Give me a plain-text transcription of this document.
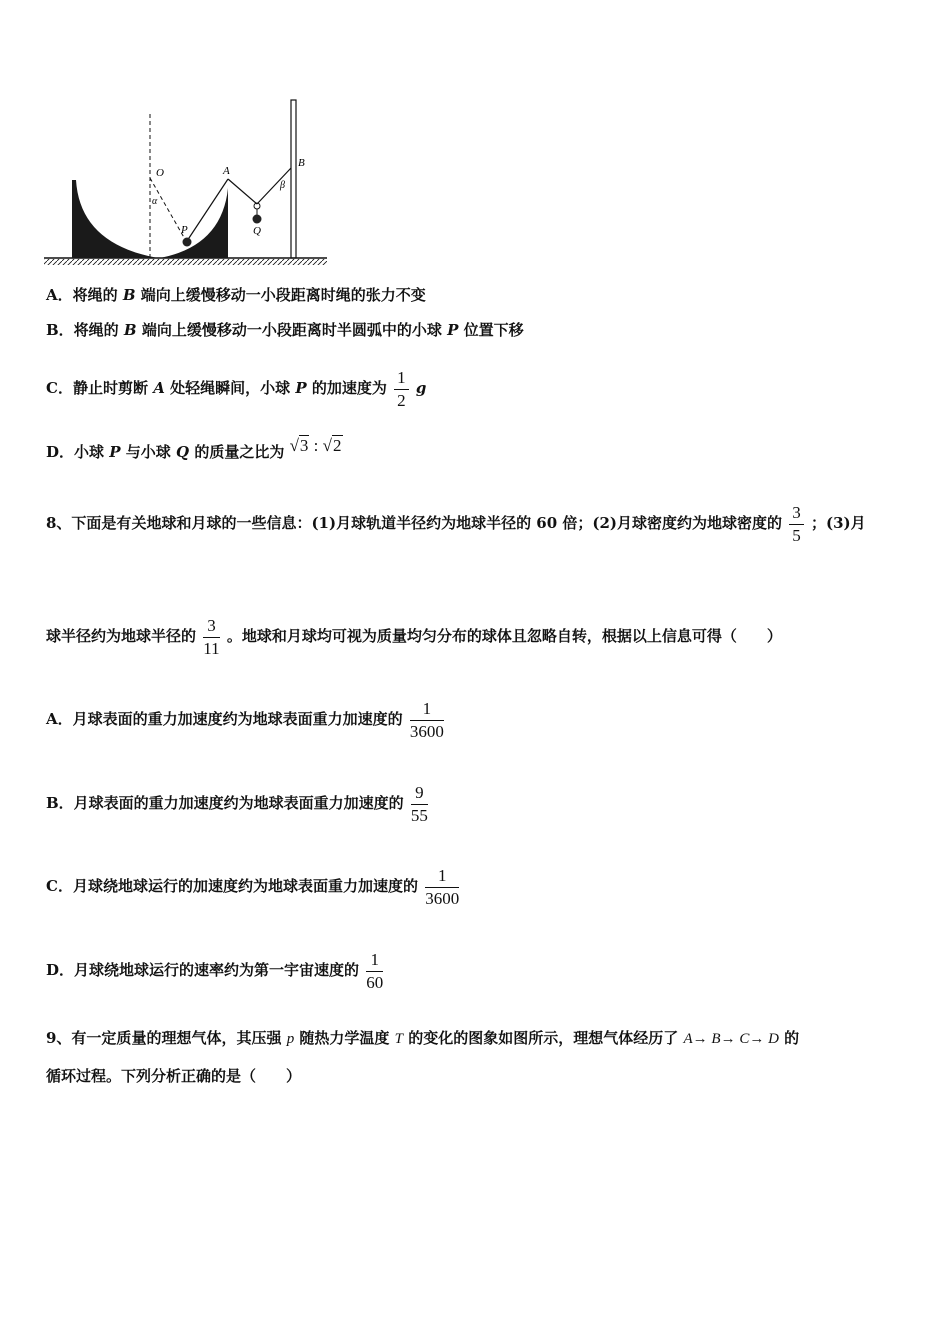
O
α
A
P	Q
β
B
A．将绳的 B 端向上缓慢移动一小段距离时绳的张力不变
B．将绳的 B 端向上缓慢移动一小段距离时半圆弧中的小球 P 位置下移
C．静止时剪断 A 处轻绳瞬间，小球 P 的加速度为 $\frac{1}{2}$ g
D．小球 P 与小球 Q 的质量之比为 √3 : √2
8、下面是有关地球和月球的一些信息：(1)月球轨道半径约为地球半径的 60 倍；(2)月球密度约为地球密度的 $\frac{3}{5}$ ；(3)月
球半径约为地球半径的 $\frac{3}{11}$ 。地球和月球均可视为质量均匀分布的球体且忽略自转，根据以上信息可得（　　）
A．月球表面的重力加速度约为地球表面重力加速度的 $\frac{1}{3600}$
B．月球表面的重力加速度约为地球表面重力加速度的 $\frac{9}{55}$
C．月球绕地球运行的加速度约为地球表面重力加速度的 $\frac{1}{3600}$
D．月球绕地球运行的速率约为第一宇宙速度的 $\frac{1}{60}$
9、有一定质量的理想气体，其压强 p 随热力学温度 T 的变化的图象如图所示，理想气体经历了 A→ B→ C→ D 的
循环过程。下列分析正确的是（　　）
